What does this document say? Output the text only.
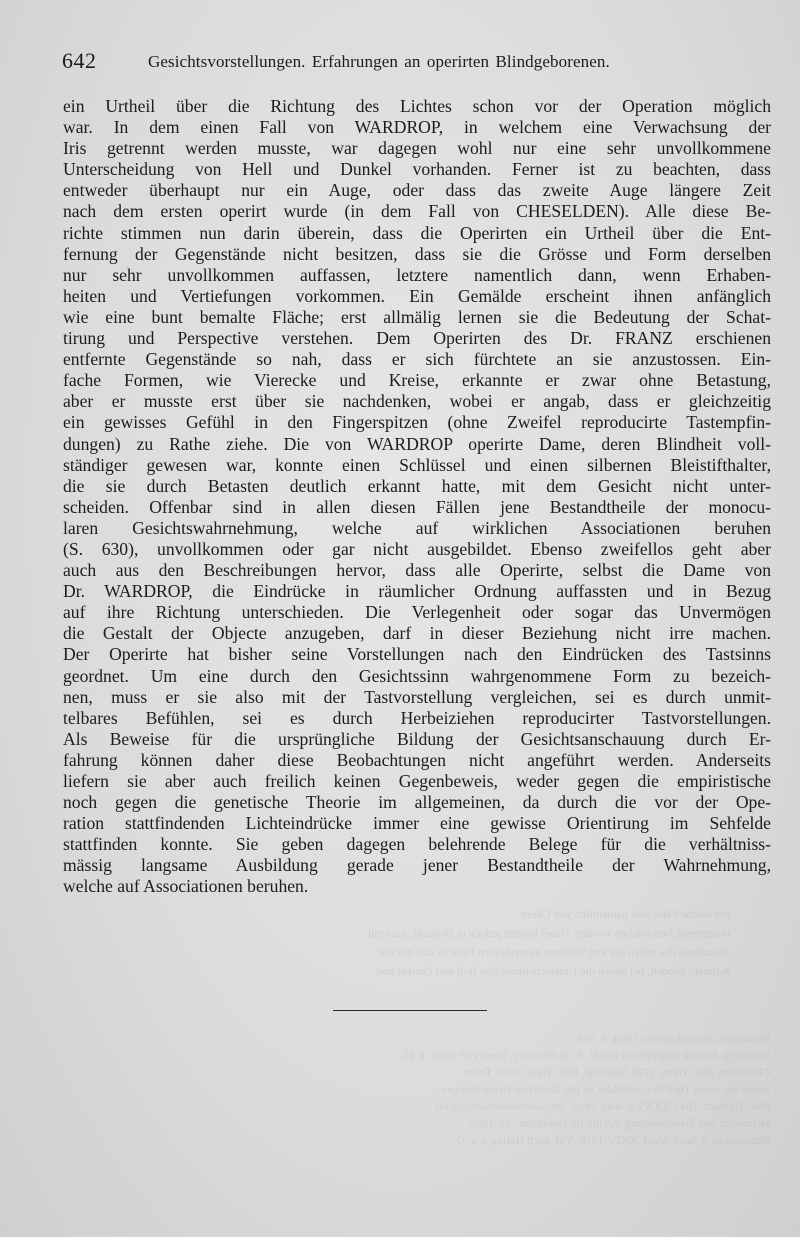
der solche Fälle sind namentlich von Chees
mitgetheilt, beschrieben worden. Dabei kommt jedoch in Betracht, dass mit
Ausnahme des ersten der von Wardrop mitgetheilten Fälle es sich nur um
Katarakt handelt, bei denen die Unterscheidung von Hell und Dunkel und
Helmholtz, physiologische Optik S. 598.
Nunneley, Journal underschied und II. S. 25 Berkeley, Theory of vision § 41.
Cheselden, Phil. Trans. 1728. Wardrop, Phil. Trans. 1826. Franz.
sowie nur einen Theil des Sehfeldes ist mit ähnlichen Betrachtungen.
Phil. Transact. 1841 XXXV p. 440. Vergl. die Auseinandersetzung bei
Helmholtz und Trendelenburg, Archiv für Ophthalm. XI. 1865.
Sitzungsber. d. bayr. Akad. XXIV. 1878. Vgl. auch Hering a. a. O.
642	Gesichtsvorstellungen. Erfahrungen an operirten Blindgeborenen.
ein Urtheil über die Richtung des Lichtes schon vor der Operation möglich
war. In dem einen Fall von WARDROP, in welchem eine Verwachsung der
Iris getrennt werden musste, war dagegen wohl nur eine sehr unvollkommene
Unterscheidung von Hell und Dunkel vorhanden. Ferner ist zu beachten, dass
entweder überhaupt nur ein Auge, oder dass das zweite Auge längere Zeit
nach dem ersten operirt wurde (in dem Fall von CHESELDEN). Alle diese Be-
richte stimmen nun darin überein, dass die Operirten ein Urtheil über die Ent-
fernung der Gegenstände nicht besitzen, dass sie die Grösse und Form derselben
nur sehr unvollkommen auffassen, letztere namentlich dann, wenn Erhaben-
heiten und Vertiefungen vorkommen. Ein Gemälde erscheint ihnen anfänglich
wie eine bunt bemalte Fläche; erst allmälig lernen sie die Bedeutung der Schat-
tirung und Perspective verstehen. Dem Operirten des Dr. FRANZ erschienen
entfernte Gegenstände so nah, dass er sich fürchtete an sie anzustossen. Ein-
fache Formen, wie Vierecke und Kreise, erkannte er zwar ohne Betastung,
aber er musste erst über sie nachdenken, wobei er angab, dass er gleichzeitig
ein gewisses Gefühl in den Fingerspitzen (ohne Zweifel reproducirte Tastempfin-
dungen) zu Rathe ziehe. Die von WARDROP operirte Dame, deren Blindheit voll-
ständiger gewesen war, konnte einen Schlüssel und einen silbernen Bleistifthalter,
die sie durch Betasten deutlich erkannt hatte, mit dem Gesicht nicht unter-
scheiden. Offenbar sind in allen diesen Fällen jene Bestandtheile der monocu-
laren Gesichtswahrnehmung, welche auf wirklichen Associationen beruhen
(S. 630), unvollkommen oder gar nicht ausgebildet. Ebenso zweifellos geht aber
auch aus den Beschreibungen hervor, dass alle Operirte, selbst die Dame von
Dr. WARDROP, die Eindrücke in räumlicher Ordnung auffassten und in Bezug
auf ihre Richtung unterschieden. Die Verlegenheit oder sogar das Unvermögen
die Gestalt der Objecte anzugeben, darf in dieser Beziehung nicht irre machen.
Der Operirte hat bisher seine Vorstellungen nach den Eindrücken des Tastsinns
geordnet. Um eine durch den Gesichtssinn wahrgenommene Form zu bezeich-
nen, muss er sie also mit der Tastvorstellung vergleichen, sei es durch unmit-
telbares Befühlen, sei es durch Herbeiziehen reproducirter Tastvorstellungen.
Als Beweise für die ursprüngliche Bildung der Gesichtsanschauung durch Er-
fahrung können daher diese Beobachtungen nicht angeführt werden. Anderseits
liefern sie aber auch freilich keinen Gegenbeweis, weder gegen die empiristische
noch gegen die genetische Theorie im allgemeinen, da durch die vor der Ope-
ration stattfindenden Lichteindrücke immer eine gewisse Orientirung im Sehfelde
stattfinden konnte. Sie geben dagegen belehrende Belege für die verhältniss-
mässig langsame Ausbildung gerade jener Bestandtheile der Wahrnehmung,
welche auf Associationen beruhen.
